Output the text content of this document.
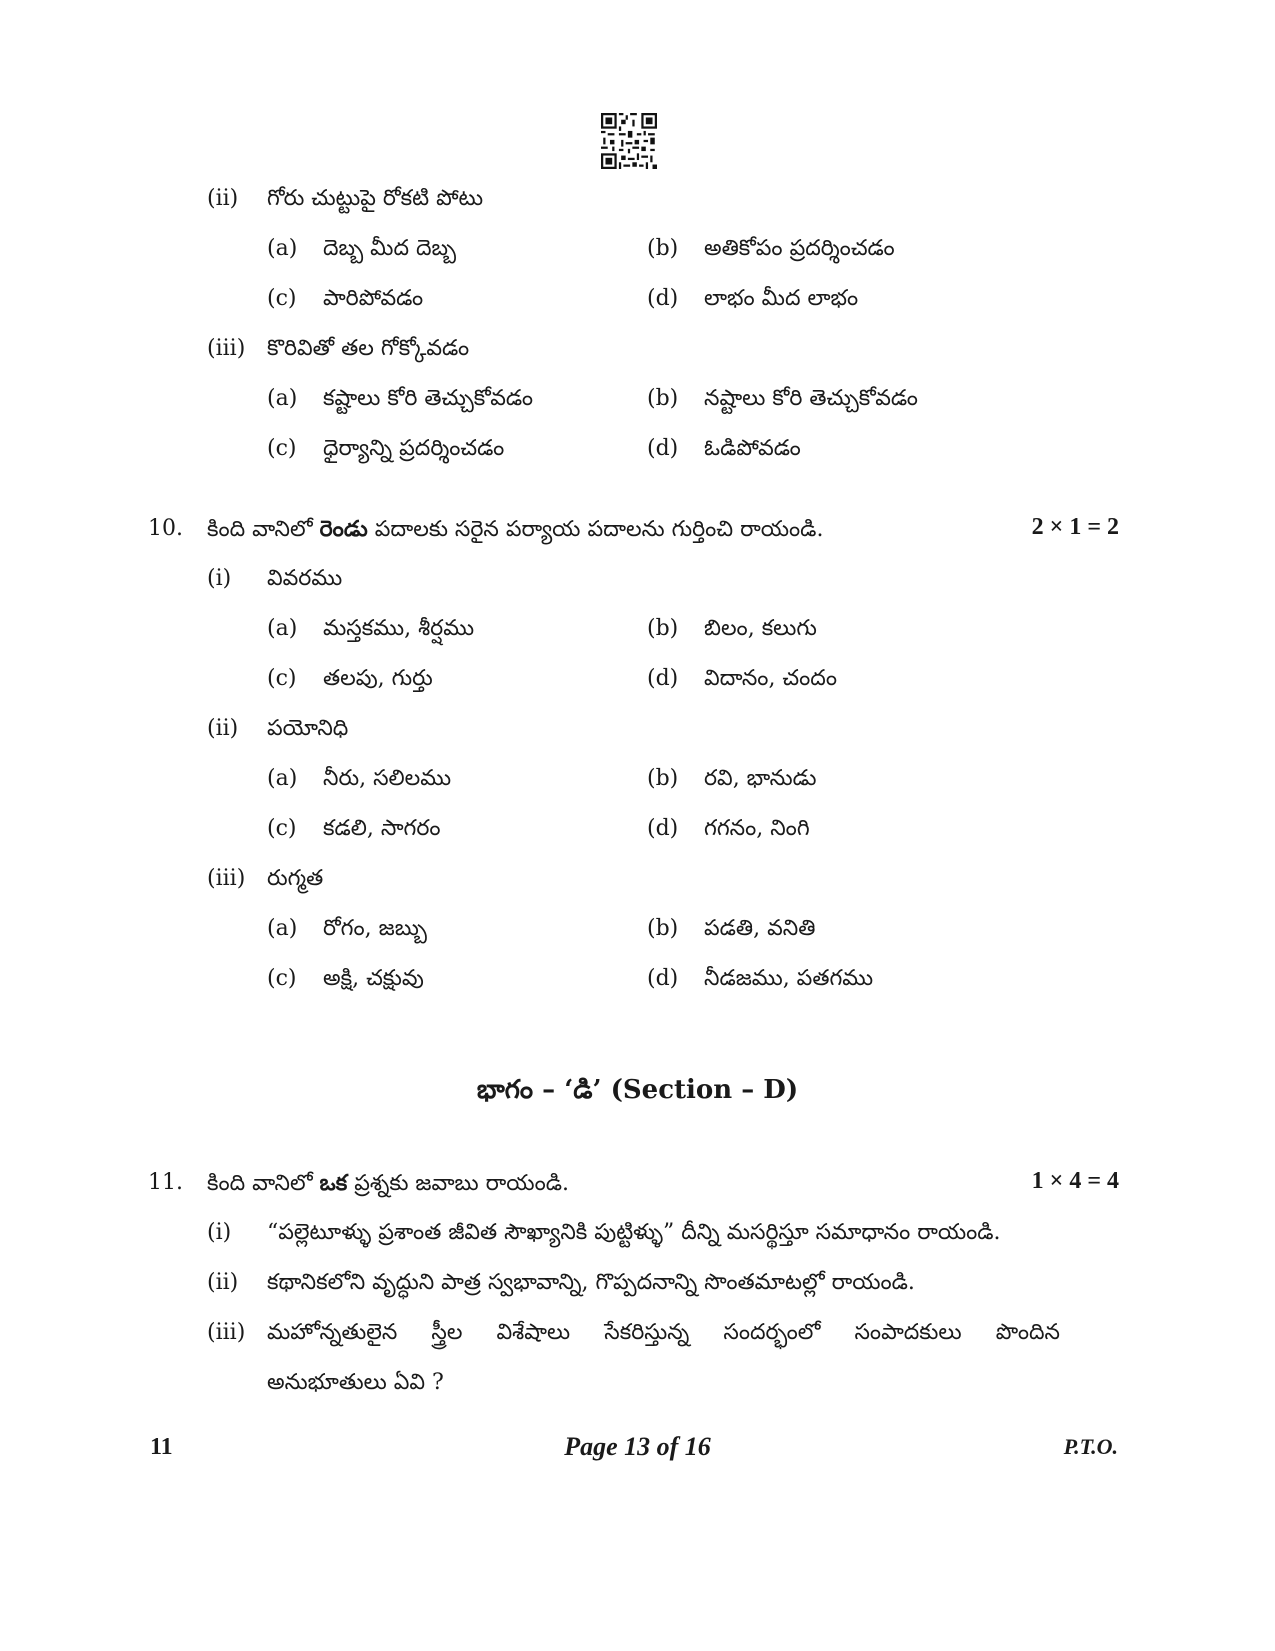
(ii) గోరు చుట్టుపై రోకటి పోటు
(a) దెబ్బ మీద దెబ్బ	(b) అతికోపం ప్రదర్శించడం
(c) పారిపోవడం	(d) లాభం మీద లాభం
(iii) కొరివితో తల గోక్కోవడం
(a) కష్టాలు కోరి తెచ్చుకోవడం	(b) నష్టాలు కోరి తెచ్చుకోవడం
(c) ధైర్యాన్ని ప్రదర్శించడం	(d) ఓడిపోవడం
10. కింది వానిలో రెండు పదాలకు సరైన పర్యాయ పదాలను గుర్తించి రాయండి.	2 × 1 = 2
(i) వివరము
(a) మస్తకము, శీర్షము	(b) బిలం, కలుగు
(c) తలపు, గుర్తు	(d) విదానం, చందం
(ii) పయోనిధి
(a) నీరు, సలిలము	(b) రవి, భానుడు
(c) కడలి, సాగరం	(d) గగనం, నింగి
(iii) రుగ్మత
(a) రోగం, జబ్బు	(b) పడతి, వనితి
(c) అక్షి, చక్షువు	(d) నీడజము, పతగము
భాగం – ‘డి’ (Section – D)
11. కింది వానిలో ఒక ప్రశ్నకు జవాబు రాయండి.	1 × 4 = 4
(i) “పల్లెటూళ్ళు ప్రశాంత జీవిత సౌఖ్యానికి పుట్టిళ్ళు” దీన్ని మసర్థిస్తూ సమాధానం రాయండి.
(ii) కథానికలోని వృద్ధుని పాత్ర స్వభావాన్ని, గొప్పదనాన్ని సొంతమాటల్లో రాయండి.
(iii) మహోన్నతులైన స్త్రీల విశేషాలు సేకరిస్తున్న సందర్భంలో సంపాదకులు పొందిన
అనుభూతులు ఏవి ?
11	Page 13 of 16	P.T.O.
